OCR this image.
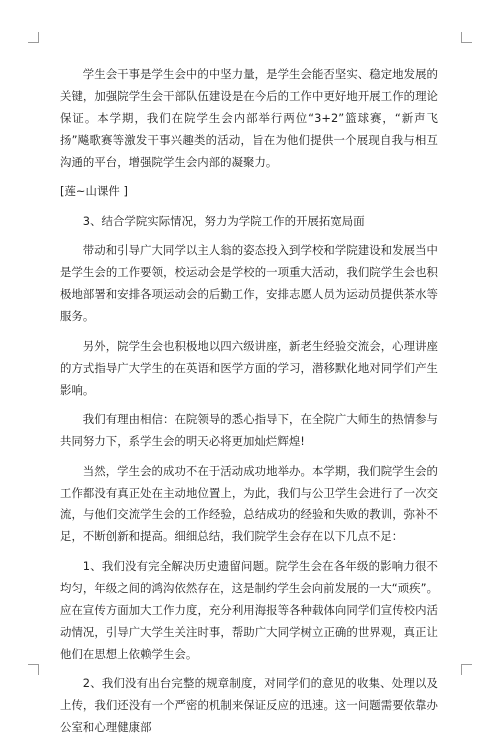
学生会干事是学生会中的中坚力量，是学生会能否坚实、稳定地发展的关键，加强院学生会干部队伍建设是在今后的工作中更好地开展工作的理论保证。本学期，我们在院学生会内部举行两位“3+2”篮球赛，“新声飞扬”飚歌赛等激发干事兴趣类的活动，旨在为他们提供一个展现自我与相互沟通的平台，增强院学生会内部的凝聚力。

[莲~山课件 ]

3、结合学院实际情况，努力为学院工作的开展拓宽局面

带动和引导广大同学以主人翁的姿态投入到学校和学院建设和发展当中是学生会的工作要领，校运动会是学校的一项重大活动，我们院学生会也积极地部署和安排各项运动会的后勤工作，安排志愿人员为运动员提供茶水等服务。

另外，院学生会也积极地以四六级讲座，新老生经验交流会，心理讲座的方式指导广大学生的在英语和医学方面的学习，潜移默化地对同学们产生影响。

我们有理由相信：在院领导的悉心指导下，在全院广大师生的热情参与共同努力下，系学生会的明天必将更加灿烂辉煌!

当然，学生会的成功不在于活动成功地举办。本学期，我们院学生会的工作都没有真正处在主动地位置上，为此，我们与公卫学生会进行了一次交流，与他们交流学生会的工作经验，总结成功的经验和失败的教训，弥补不足，不断创新和提高。细细总结，我们院学生会存在以下几点不足：

1、我们没有完全解决历史遗留问题。院学生会在各年级的影响力很不均匀，年级之间的鸿沟依然存在，这是制约学生会向前发展的一大“顽疾”。应在宣传方面加大工作力度，充分利用海报等各种载体向同学们宣传校内活动情况，引导广大学生关注时事，帮助广大同学树立正确的世界观，真正让他们在思想上依赖学生会。

2、我们没有出台完整的规章制度，对同学们的意见的收集、处理以及上传，我们还没有一个严密的机制来保证反应的迅速。这一问题需要依靠办公室和心理健康部
